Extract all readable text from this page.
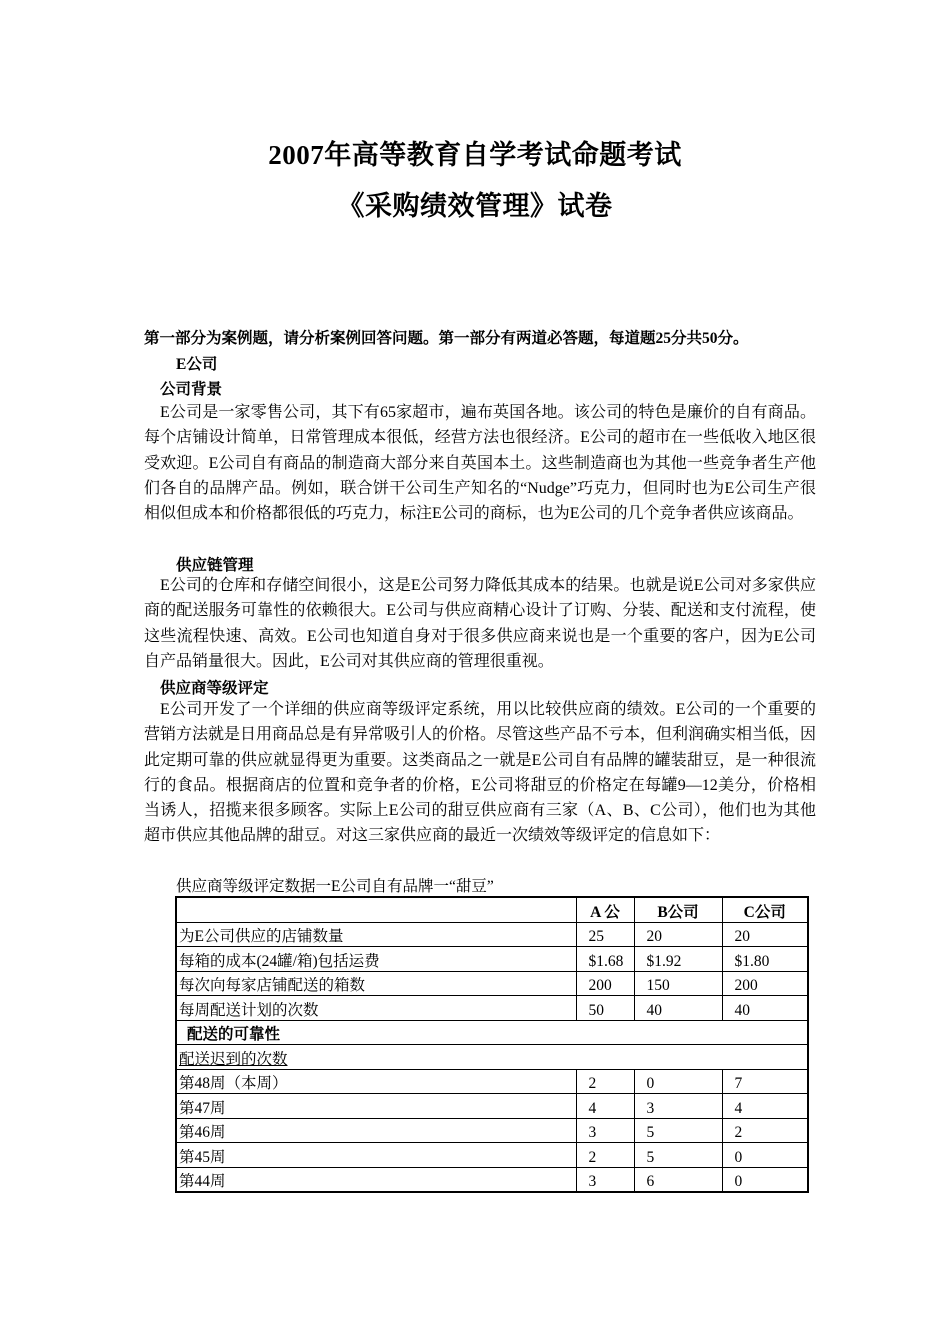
2007年高等教育自学考试命题考试
《采购绩效管理》试卷
第一部分为案例题，请分析案例回答问题。第一部分有两道必答题，每道题25分共50分。
E公司
公司背景
E公司是一家零售公司，其下有65家超市，遍布英国各地。该公司的特色是廉价的自有商品。每个店铺设计简单，日常管理成本很低，经营方法也很经济。E公司的超市在一些低收入地区很受欢迎。E公司自有商品的制造商大部分来自英国本土。这些制造商也为其他一些竞争者生产他们各自的品牌产品。例如，联合饼干公司生产知名的“Nudge”巧克力，但同时也为E公司生产很相似但成本和价格都很低的巧克力，标注E公司的商标，也为E公司的几个竞争者供应该商品。
供应链管理
E公司的仓库和存储空间很小，这是E公司努力降低其成本的结果。也就是说E公司对多家供应商的配送服务可靠性的依赖很大。E公司与供应商精心设计了订购、分装、配送和支付流程，使这些流程快速、高效。E公司也知道自身对于很多供应商来说也是一个重要的客户，因为E公司自产品销量很大。因此，E公司对其供应商的管理很重视。
供应商等级评定
E公司开发了一个详细的供应商等级评定系统，用以比较供应商的绩效。E公司的一个重要的营销方法就是日用商品总是有异常吸引人的价格。尽管这些产品不亏本，但利润确实相当低，因此定期可靠的供应就显得更为重要。这类商品之一就是E公司自有品牌的罐装甜豆，是一种很流行的食品。根据商店的位置和竞争者的价格，E公司将甜豆的价格定在每罐9—12美分，价格相当诱人，招揽来很多顾客。实际上E公司的甜豆供应商有三家（A、B、C公司），他们也为其他超市供应其他品牌的甜豆。对这三家供应商的最近一次绩效等级评定的信息如下：
供应商等级评定数据一E公司自有品牌一“甜豆”
	A 公	B公司	C公司
为E公司供应的店铺数量	25	20	20
每箱的成本(24罐/箱)包括运费	$1.68	$1.92	$1.80
每次向每家店铺配送的箱数	200	150	200
每周配送计划的次数	50	40	40
配送的可靠性			
配送迟到的次数			
第48周（本周）	2	0	7
第47周	4	3	4
第46周	3	5	2
第45周	2	5	0
第44周	3	6	0
